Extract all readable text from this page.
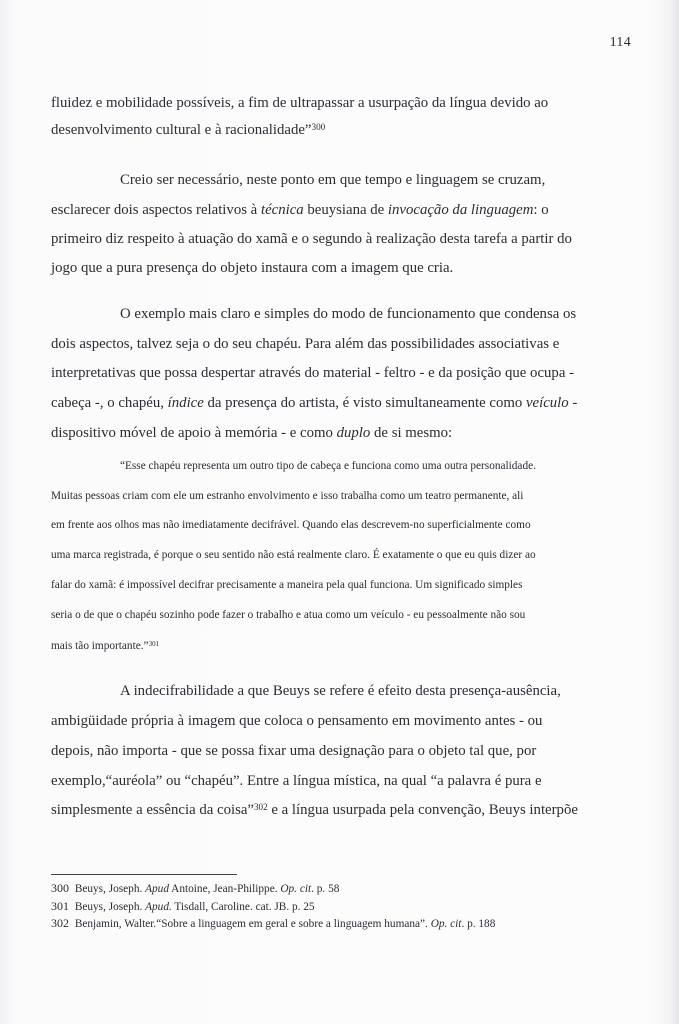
114
fluidez e mobilidade possíveis, a fim de ultrapassar a usurpação da língua devido ao
desenvolvimento cultural e à racionalidade”$^{300}$
Creio ser necessário, neste ponto em que tempo e linguagem se cruzam,
esclarecer dois aspectos relativos à técnica beuysiana de invocação da linguagem: o
primeiro diz respeito à atuação do xamã e o segundo à realização desta tarefa a partir do
jogo que a pura presença do objeto instaura com a imagem que cria.
O exemplo mais claro e simples do modo de funcionamento que condensa os
dois aspectos, talvez seja o do seu chapéu. Para além das possibilidades associativas e
interpretativas que possa despertar através do material - feltro - e da posição que ocupa -
cabeça -, o chapéu, índice da presença do artista, é visto simultaneamente como veículo -
dispositivo móvel de apoio à memória - e como duplo de si mesmo:
“Esse chapéu representa um outro tipo de cabeça e funciona como uma outra personalidade.
Muitas pessoas criam com ele um estranho envolvimento e isso trabalha como um teatro permanente, ali
em frente aos olhos mas não imediatamente decifrável. Quando elas descrevem-no superficialmente como
uma marca registrada, é porque o seu sentido não está realmente claro. É exatamente o que eu quis dizer ao
falar do xamã: é impossível decifrar precisamente a maneira pela qual funciona. Um significado simples
seria o de que o chapéu sozinho pode fazer o trabalho e atua como um veículo - eu pessoalmente não sou
mais tão importante.”$^{301}$
A indecifrabilidade a que Beuys se refere é efeito desta presença-ausência,
ambigüidade própria à imagem que coloca o pensamento em movimento antes - ou
depois, não importa - que se possa fixar uma designação para o objeto tal que, por
exemplo,“auréola” ou “chapéu”. Entre a língua mística, na qual “a palavra é pura e
simplesmente a essência da coisa”$^{302}$ e a língua usurpada pela convenção, Beuys interpõe
300 Beuys, Joseph. Apud Antoine, Jean-Philippe. Op. cit. p. 58
301 Beuys, Joseph. Apud. Tisdall, Caroline. cat. JB. p. 25
302 Benjamin, Walter.“Sobre a linguagem em geral e sobre a linguagem humana”. Op. cit. p. 188
